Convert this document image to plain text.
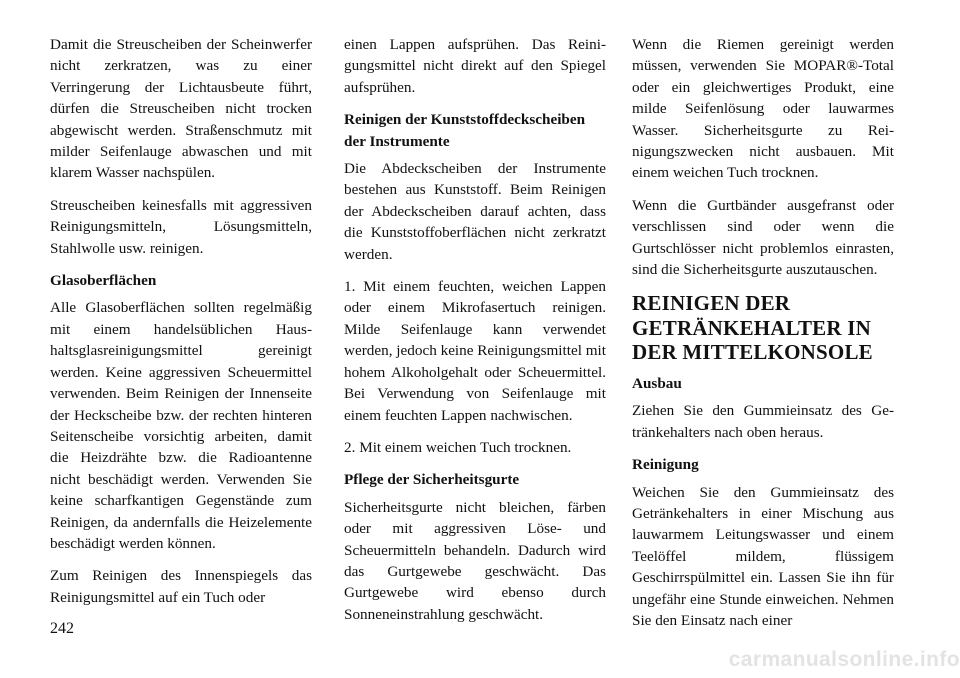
Damit die Streuscheiben der Scheinwerfer nicht zerkratzen, was zu einer Verringerung der Lichtausbeute führt, dürfen die Streuscheiben nicht trocken abgewischt werden. Straßenschmutz mit milder Seifenlauge abwaschen und mit klarem Wasser nachspülen.

Streuscheiben keinesfalls mit aggressiven Reinigungsmitteln, Lösungsmitteln, Stahlwolle usw. reinigen.

Glasoberflächen

Alle Glasoberflächen sollten regelmäßig mit einem handelsüblichen Haushaltsglasreinigungsmittel gereinigt werden. Keine aggressiven Scheuermittel verwenden. Beim Reinigen der Innenseite der Heckscheibe bzw. der rechten hinteren Seitenscheibe vorsichtig arbeiten, damit die Heizdrähte bzw. die Radioantenne nicht beschädigt werden. Verwenden Sie keine scharfkantigen Gegenstände zum Reinigen, da andernfalls die Heizelemente beschädigt werden können.

Zum Reinigen des Innenspiegels das Reinigungsmittel auf ein Tuch oder

einen Lappen aufsprühen. Das Reinigungsmittel nicht direkt auf den Spiegel aufsprühen.

Reinigen der Kunststoffdeckscheiben der Instrumente

Die Abdeckscheiben der Instrumente bestehen aus Kunststoff. Beim Reinigen der Abdeckscheiben darauf achten, dass die Kunststoffoberflächen nicht zerkratzt werden.

1. Mit einem feuchten, weichen Lappen oder einem Mikrofasertuch reinigen. Milde Seifenlauge kann verwendet werden, jedoch keine Reinigungsmittel mit hohem Alkoholgehalt oder Scheuermittel. Bei Verwendung von Seifenlauge mit einem feuchten Lappen nachwischen.

2. Mit einem weichen Tuch trocknen.

Pflege der Sicherheitsgurte

Sicherheitsgurte nicht bleichen, färben oder mit aggressiven Löse- und Scheuermitteln behandeln. Dadurch wird das Gurtgewebe geschwächt. Das Gurtgewebe wird ebenso durch Sonneneinstrahlung geschwächt.

Wenn die Riemen gereinigt werden müssen, verwenden Sie MOPAR®-Total oder ein gleichwertiges Produkt, eine milde Seifenlösung oder lauwarmes Wasser. Sicherheitsgurte zu Reinigungszwecken nicht ausbauen. Mit einem weichen Tuch trocknen.

Wenn die Gurtbänder ausgefranst oder verschlissen sind oder wenn die Gurtschlösser nicht problemlos einrasten, sind die Sicherheitsgurte auszutauschen.

REINIGEN DER GETRÄNKEHALTER IN DER MITTELKONSOLE

Ausbau

Ziehen Sie den Gummieinsatz des Getränkehalters nach oben heraus.

Reinigung

Weichen Sie den Gummieinsatz des Getränkehalters in einer Mischung aus lauwarmem Leitungswasser und einem Teelöffel mildem, flüssigem Geschirrspülmittel ein. Lassen Sie ihn für ungefähr eine Stunde einweichen. Nehmen Sie den Einsatz nach einer

242
carmanualsonline.info
